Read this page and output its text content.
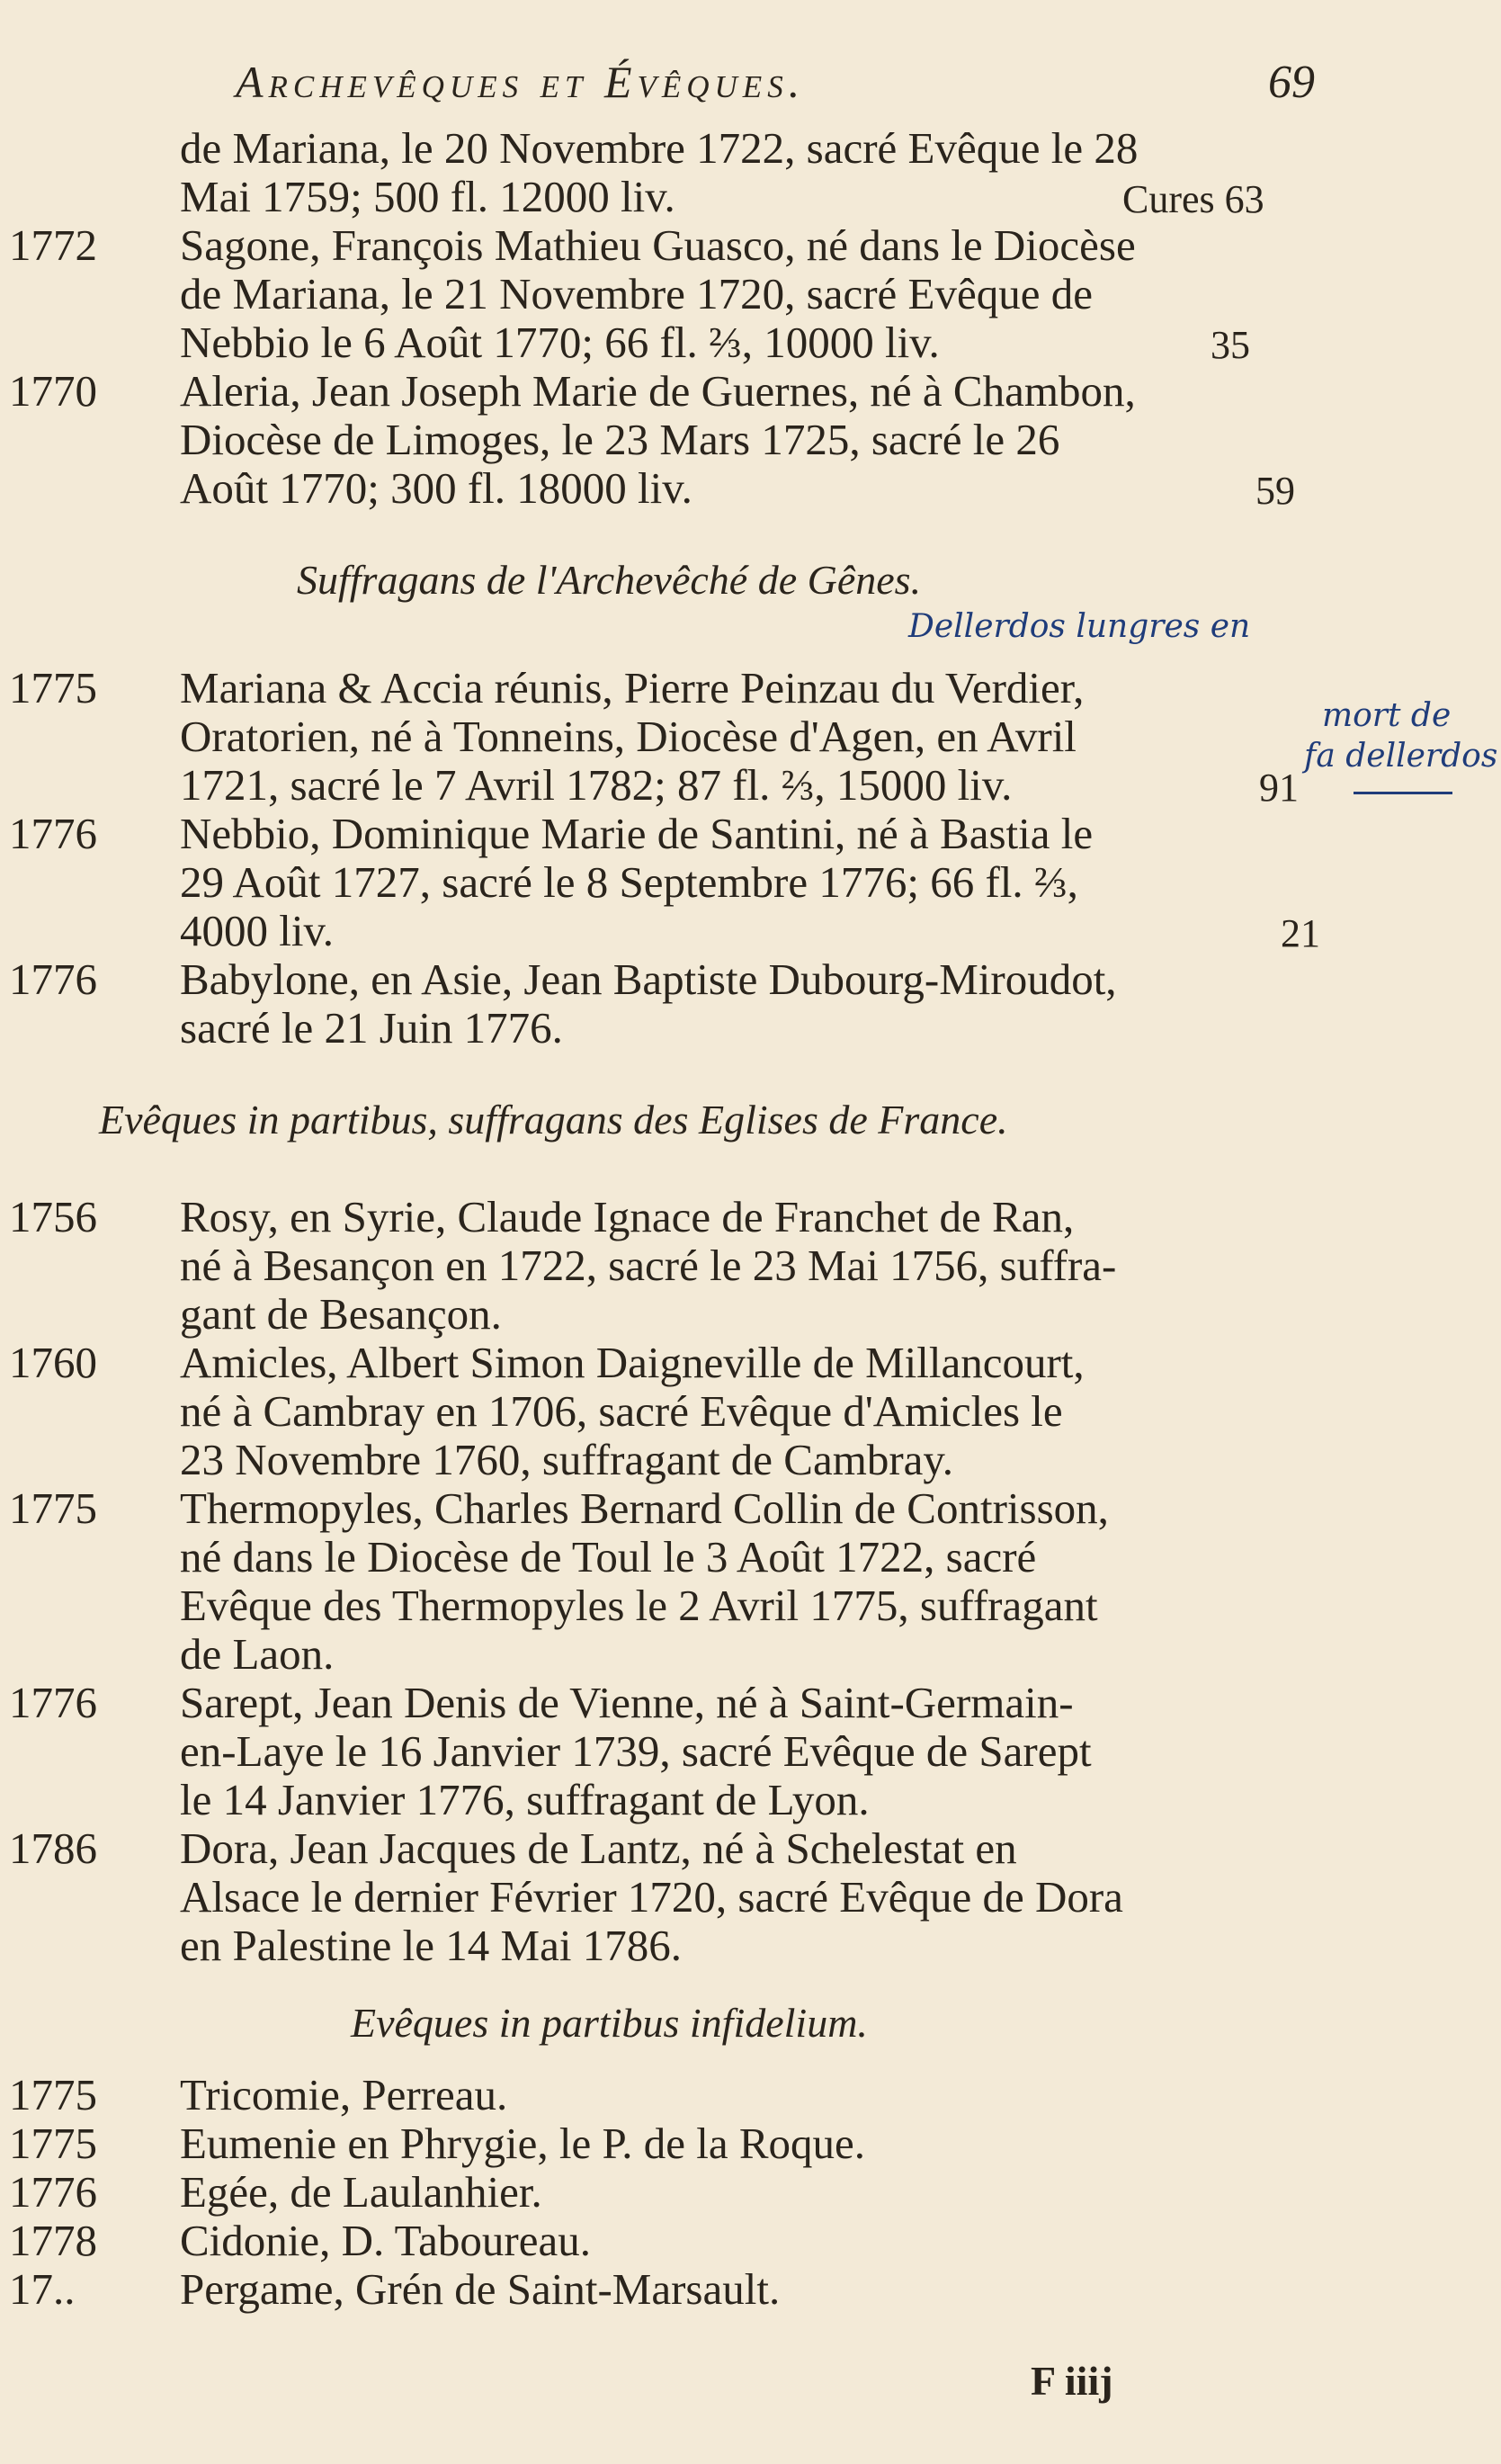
Archevêques et Évêques.	69
de Mariana, le 20 Novembre 1722, sacré Evêque le 28
Mai 1759; 500 fl. 12000 liv.	Cures 63
1772 Sagone, François Mathieu Guasco, né dans le Diocèse
de Mariana, le 21 Novembre 1720, sacré Evêque de
Nebbio le 6 Août 1770; 66 fl. ⅔, 10000 liv.	35
1770 Aleria, Jean Joseph Marie de Guernes, né à Chambon,
Diocèse de Limoges, le 23 Mars 1725, sacré le 26
Août 1770; 300 fl. 18000 liv.	59
Suffragans de l'Archevêché de Gênes.
Dellerdos lungres en
mort de
fa dellerdos
1775 Mariana & Accia réunis, Pierre Peinzau du Verdier,
Oratorien, né à Tonneins, Diocèse d'Agen, en Avril
1721, sacré le 7 Avril 1782; 87 fl. ⅔, 15000 liv.	91
1776 Nebbio, Dominique Marie de Santini, né à Bastia le
29 Août 1727, sacré le 8 Septembre 1776; 66 fl. ⅔,
4000 liv.	21
1776 Babylone, en Asie, Jean Baptiste Dubourg-Miroudot,
sacré le 21 Juin 1776.
Evêques in partibus, suffragans des Eglises de France.
1756 Rosy, en Syrie, Claude Ignace de Franchet de Ran,
né à Besançon en 1722, sacré le 23 Mai 1756, suffra-
gant de Besançon.
1760 Amicles, Albert Simon Daigneville de Millancourt,
né à Cambray en 1706, sacré Evêque d'Amicles le
23 Novembre 1760, suffragant de Cambray.
1775 Thermopyles, Charles Bernard Collin de Contrisson,
né dans le Diocèse de Toul le 3 Août 1722, sacré
Evêque des Thermopyles le 2 Avril 1775, suffragant
de Laon.
1776 Sarept, Jean Denis de Vienne, né à Saint-Germain-
en-Laye le 16 Janvier 1739, sacré Evêque de Sarept
le 14 Janvier 1776, suffragant de Lyon.
1786 Dora, Jean Jacques de Lantz, né à Schelestat en
Alsace le dernier Février 1720, sacré Evêque de Dora
en Palestine le 14 Mai 1786.
Evêques in partibus infidelium.
1775 Tricomie, Perreau.
1775 Eumenie en Phrygie, le P. de la Roque.
1776 Egée, de Laulanhier.
1778 Cidonie, D. Taboureau.
17.. Pergame, Grén de Saint-Marsault.
F iiij
